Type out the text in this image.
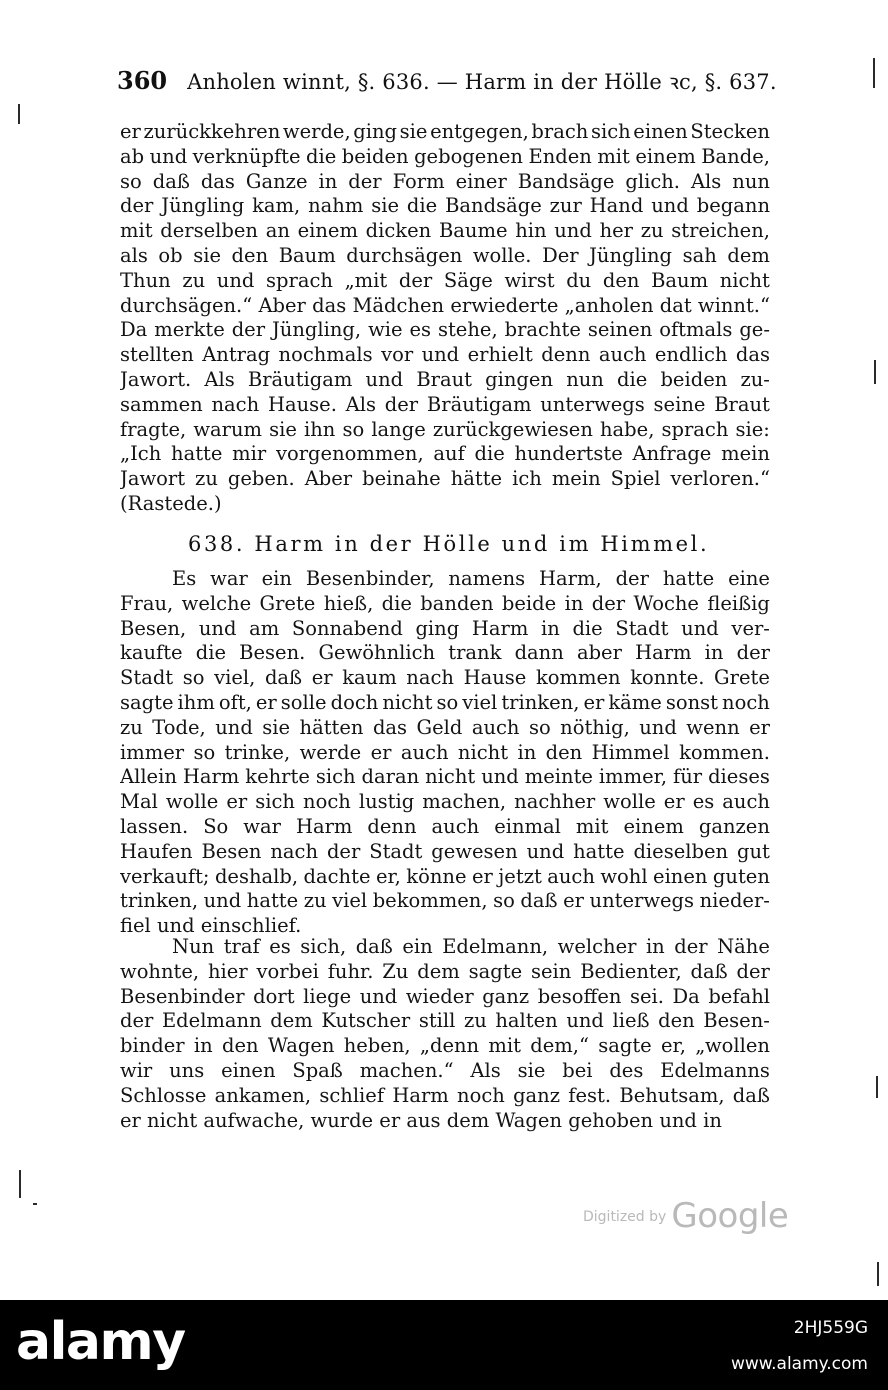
360 Anholen winnt, §. 636. — Harm in der Hölle ꝛc, §. 637.
er zurückkehren werde, ging sie entgegen, brach sich einen Stecken
ab und verknüpfte die beiden gebogenen Enden mit einem Bande,
so daß das Ganze in der Form einer Bandsäge glich. Als nun
der Jüngling kam, nahm sie die Bandsäge zur Hand und begann
mit derselben an einem dicken Baume hin und her zu streichen,
als ob sie den Baum durchsägen wolle. Der Jüngling sah dem
Thun zu und sprach „mit der Säge wirst du den Baum nicht
durchsägen.“ Aber das Mädchen erwiederte „anholen dat winnt.“
Da merkte der Jüngling, wie es stehe, brachte seinen oftmals ge-
stellten Antrag nochmals vor und erhielt denn auch endlich das
Jawort. Als Bräutigam und Braut gingen nun die beiden zu-
sammen nach Hause. Als der Bräutigam unterwegs seine Braut
fragte, warum sie ihn so lange zurückgewiesen habe, sprach sie:
„Ich hatte mir vorgenommen, auf die hundertste Anfrage mein
Jawort zu geben. Aber beinahe hätte ich mein Spiel verloren.“
(Rastede.)
638. Harm in der Hölle und im Himmel.
Es war ein Besenbinder, namens Harm, der hatte eine
Frau, welche Grete hieß, die banden beide in der Woche fleißig
Besen, und am Sonnabend ging Harm in die Stadt und ver-
kaufte die Besen. Gewöhnlich trank dann aber Harm in der
Stadt so viel, daß er kaum nach Hause kommen konnte. Grete
sagte ihm oft, er solle doch nicht so viel trinken, er käme sonst noch
zu Tode, und sie hätten das Geld auch so nöthig, und wenn er
immer so trinke, werde er auch nicht in den Himmel kommen.
Allein Harm kehrte sich daran nicht und meinte immer, für dieses
Mal wolle er sich noch lustig machen, nachher wolle er es auch
lassen. So war Harm denn auch einmal mit einem ganzen
Haufen Besen nach der Stadt gewesen und hatte dieselben gut
verkauft; deshalb, dachte er, könne er jetzt auch wohl einen guten
trinken, und hatte zu viel bekommen, so daß er unterwegs nieder-
fiel und einschlief.
Nun traf es sich, daß ein Edelmann, welcher in der Nähe
wohnte, hier vorbei fuhr. Zu dem sagte sein Bedienter, daß der
Besenbinder dort liege und wieder ganz besoffen sei. Da befahl
der Edelmann dem Kutscher still zu halten und ließ den Besen-
binder in den Wagen heben, „denn mit dem,“ sagte er, „wollen
wir uns einen Spaß machen.“ Als sie bei des Edelmanns
Schlosse ankamen, schlief Harm noch ganz fest. Behutsam, daß
er nicht aufwache, wurde er aus dem Wagen gehoben und in
Digitized by Google
alamy	2HJ559G
www.alamy.com
